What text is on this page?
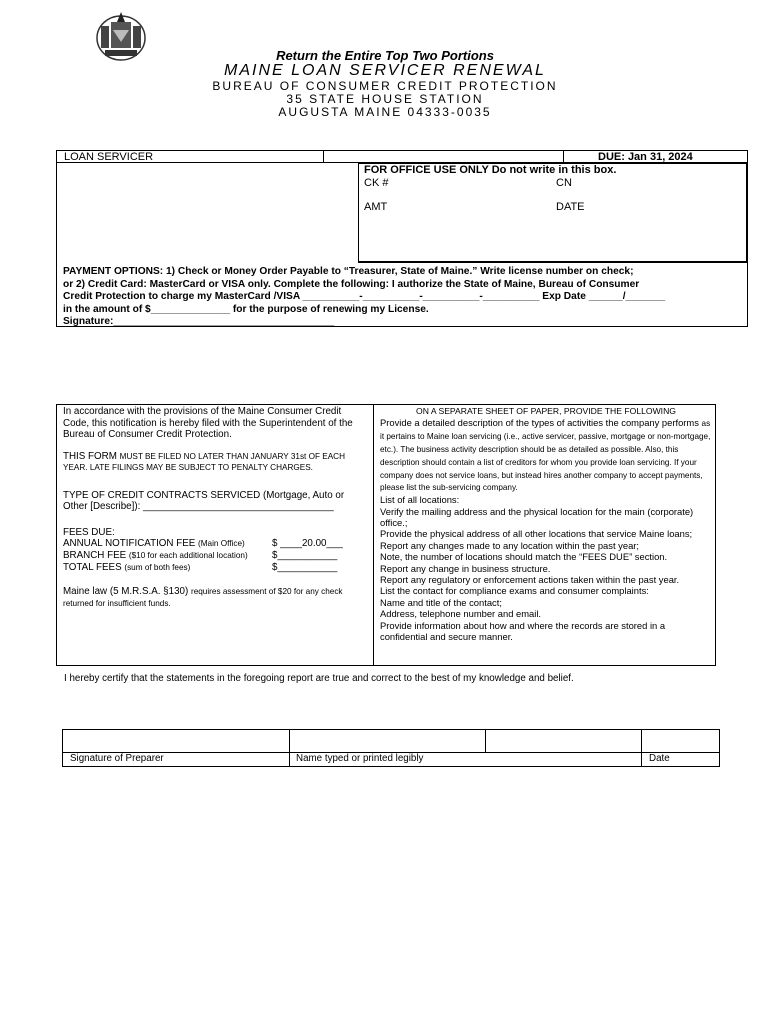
Return the Entire Top Two Portions
MAINE LOAN SERVICER RENEWAL
BUREAU OF CONSUMER CREDIT PROTECTION
35 STATE HOUSE STATION
AUGUSTA MAINE 04333-0035
LOAN SERVICER	DUE: Jan 31, 2024
FOR OFFICE USE ONLY Do not write in this box.
CK #	CN
AMT	DATE
PAYMENT OPTIONS: 1) Check or Money Order Payable to “Treasurer, State of Maine.” Write license number on check;
or 2) Credit Card: MasterCard or VISA only. Complete the following: I authorize the State of Maine, Bureau of Consumer
Credit Protection to charge my MasterCard /VISA __________-__________-__________-__________ Exp Date ______/_______
in the amount of $______________ for the purpose of renewing my License.
Signature:_______________________________________

In accordance with the provisions of the Maine Consumer Credit Code, this notification is hereby filed with the Superintendent of the Bureau of Consumer Credit Protection.

THIS FORM MUST BE FILED NO LATER THAN JANUARY 31st OF EACH YEAR. LATE FILINGS MAY BE SUBJECT TO PENALTY CHARGES.

TYPE OF CREDIT CONTRACTS SERVICED (Mortgage, Auto or Other [Describe]): ___________________________________

FEES DUE:

ANNUAL NOTIFICATION FEE (Main Office)	$ ____20.00___
BRANCH FEE ($10 for each additional location) $___________
TOTAL FEES (sum of both fees)	$___________

Maine law (5 M.R.S.A. §130) requires assessment of $20 for any check returned for insufficient funds.

ON A SEPARATE SHEET OF PAPER, PROVIDE THE FOLLOWING

Provide a detailed description of the types of activities the company performs as it pertains to Maine loan servicing (i.e., active servicer, passive, mortgage or non-mortgage, etc.). The business activity description should be as detailed as possible. Also, this description should contain a list of creditors for whom you provide loan servicing. If your company does not service loans, but instead hires another company to accept payments, please list the sub-servicing company.

List of all locations:

Verify the mailing address and the physical location for the main (corporate) office.;

Provide the physical address of all other locations that service Maine loans;

Report any changes made to any location within the past year;

Note, the number of locations should match the “FEES DUE” section.

Report any change in business structure.

Report any regulatory or enforcement actions taken within the past year.

List the contact for compliance exams and consumer complaints:

Name and title of the contact;

Address, telephone number and email.

Provide information about how and where the records are stored in a confidential and secure manner.

I hereby certify that the statements in the foregoing report are true and correct to the best of my knowledge and belief.
Signature of Preparer	Name typed or printed legibly	Date
